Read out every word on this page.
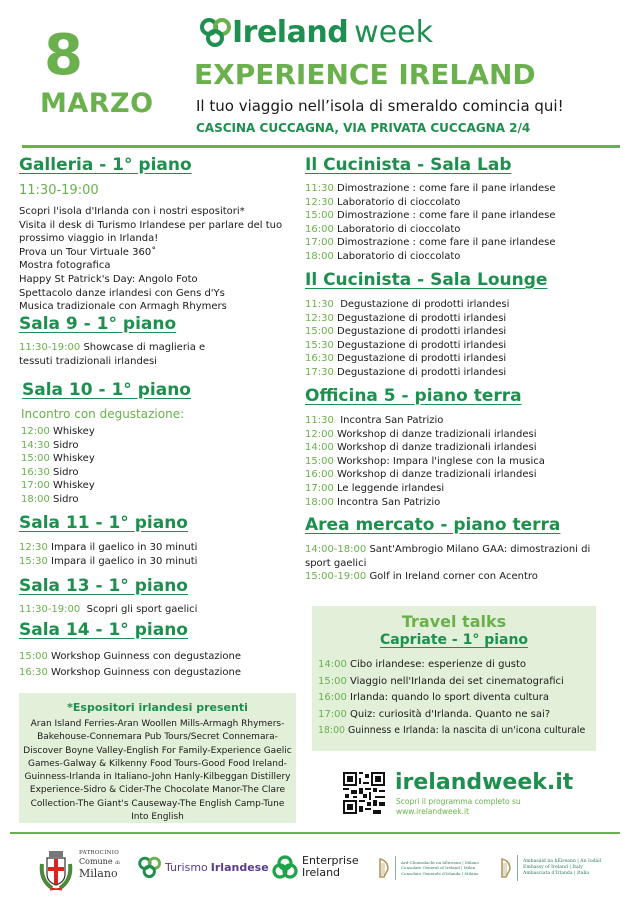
8
MARZO
Ireland week
EXPERIENCE IRELAND
Il tuo viaggio nell’isola di smeraldo comincia qui!
CASCINA CUCCAGNA, VIA PRIVATA CUCCAGNA 2/4
Galleria - 1° piano
11:30-19:00
Scopri l'isola d'Irlanda con i nostri espositori*
Visita il desk di Turismo Irlandese per parlare del tuo
prossimo viaggio in Irlanda!
Prova un Tour Virtuale 360˚
Mostra fotografica
Happy St Patrick's Day: Angolo Foto
Spettacolo danze irlandesi con Gens d'Ys
Musica tradizionale con Armagh Rhymers
Sala 9 - 1° piano
11:30-19:00 Showcase di maglieria e
tessuti tradizionali irlandesi
Sala 10 - 1° piano
Incontro con degustazione:
12:00 Whiskey
14:30 Sidro
15:00 Whiskey
16:30 Sidro
17:00 Whiskey
18:00 Sidro
Sala 11 - 1° piano
12:30 Impara il gaelico in 30 minuti
15:30 Impara il gaelico in 30 minuti
Sala 13 - 1° piano
11:30-19:00 Scopri gli sport gaelici
Sala 14 - 1° piano
15:00 Workshop Guinness con degustazione
16:30 Workshop Guinness con degustazione
*Espositori irlandesi presenti
Aran Island Ferries-Aran Woollen Mills-Armagh Rhymers-
Bakehouse-Connemara Pub Tours/Secret Connemara-
Discover Boyne Valley-English For Family-Experience Gaelic
Games-Galway & Kilkenny Food Tours-Good Food Ireland-
Guinness-Irlanda in Italiano-John Hanly-Kilbeggan Distillery
Experience-Sidro & Cider-The Chocolate Manor-The Clare
Collection-The Giant's Causeway-The English Camp-Tune
Into English
Il Cucinista - Sala Lab
11:30 Dimostrazione : come fare il pane irlandese
12:30 Laboratorio di cioccolato
15:00 Dimostrazione : come fare il pane irlandese
16:00 Laboratorio di cioccolato
17:00 Dimostrazione : come fare il pane irlandese
18:00 Laboratorio di cioccolato
Il Cucinista - Sala Lounge
11:30 Degustazione di prodotti irlandesi
12:30 Degustazione di prodotti irlandesi
15:00 Degustazione di prodotti irlandesi
15:30 Degustazione di prodotti irlandesi
16:30 Degustazione di prodotti irlandesi
17:30 Degustazione di prodotti irlandesi
Officina 5 - piano terra
11:30 Incontra San Patrizio
12:00 Workshop di danze tradizionali irlandesi
14:00 Workshop di danze tradizionali irlandesi
15:00 Workshop: Impara l'inglese con la musica
16:00 Workshop di danze tradizionali irlandesi
17:00 Le leggende irlandesi
18:00 Incontra San Patrizio
Area mercato - piano terra
14:00-18:00 Sant'Ambrogio Milano GAA: dimostrazioni di
sport gaelici
15:00-19:00 Golf in Ireland corner con Acentro
Travel talks
Capriate - 1° piano
14:00 Cibo irlandese: esperienze di gusto
15:00 Viaggio nell'Irlanda dei set cinematografici
16:00 Irlanda: quando lo sport diventa cultura
17:00 Quiz: curiosità d'Irlanda. Quanto ne sai?
18:00 Guinness e Irlanda: la nascita di un'icona culturale
irelandweek.it
Scopri il programma completo su
www.irelandweek.it
PATROCINIO
Comune di
Milano	Turismo Irlandese	Enterprise
Ireland
Ard-Chonsalacht na hÉireann | Milano
Consulate General of Ireland | Milan
Consolato Generale d'Irlanda | Milano
Ambasáid na hÉireann | An Iodáil
Embassy of Ireland | Italy
Ambasciata d'Irlanda | Italia
